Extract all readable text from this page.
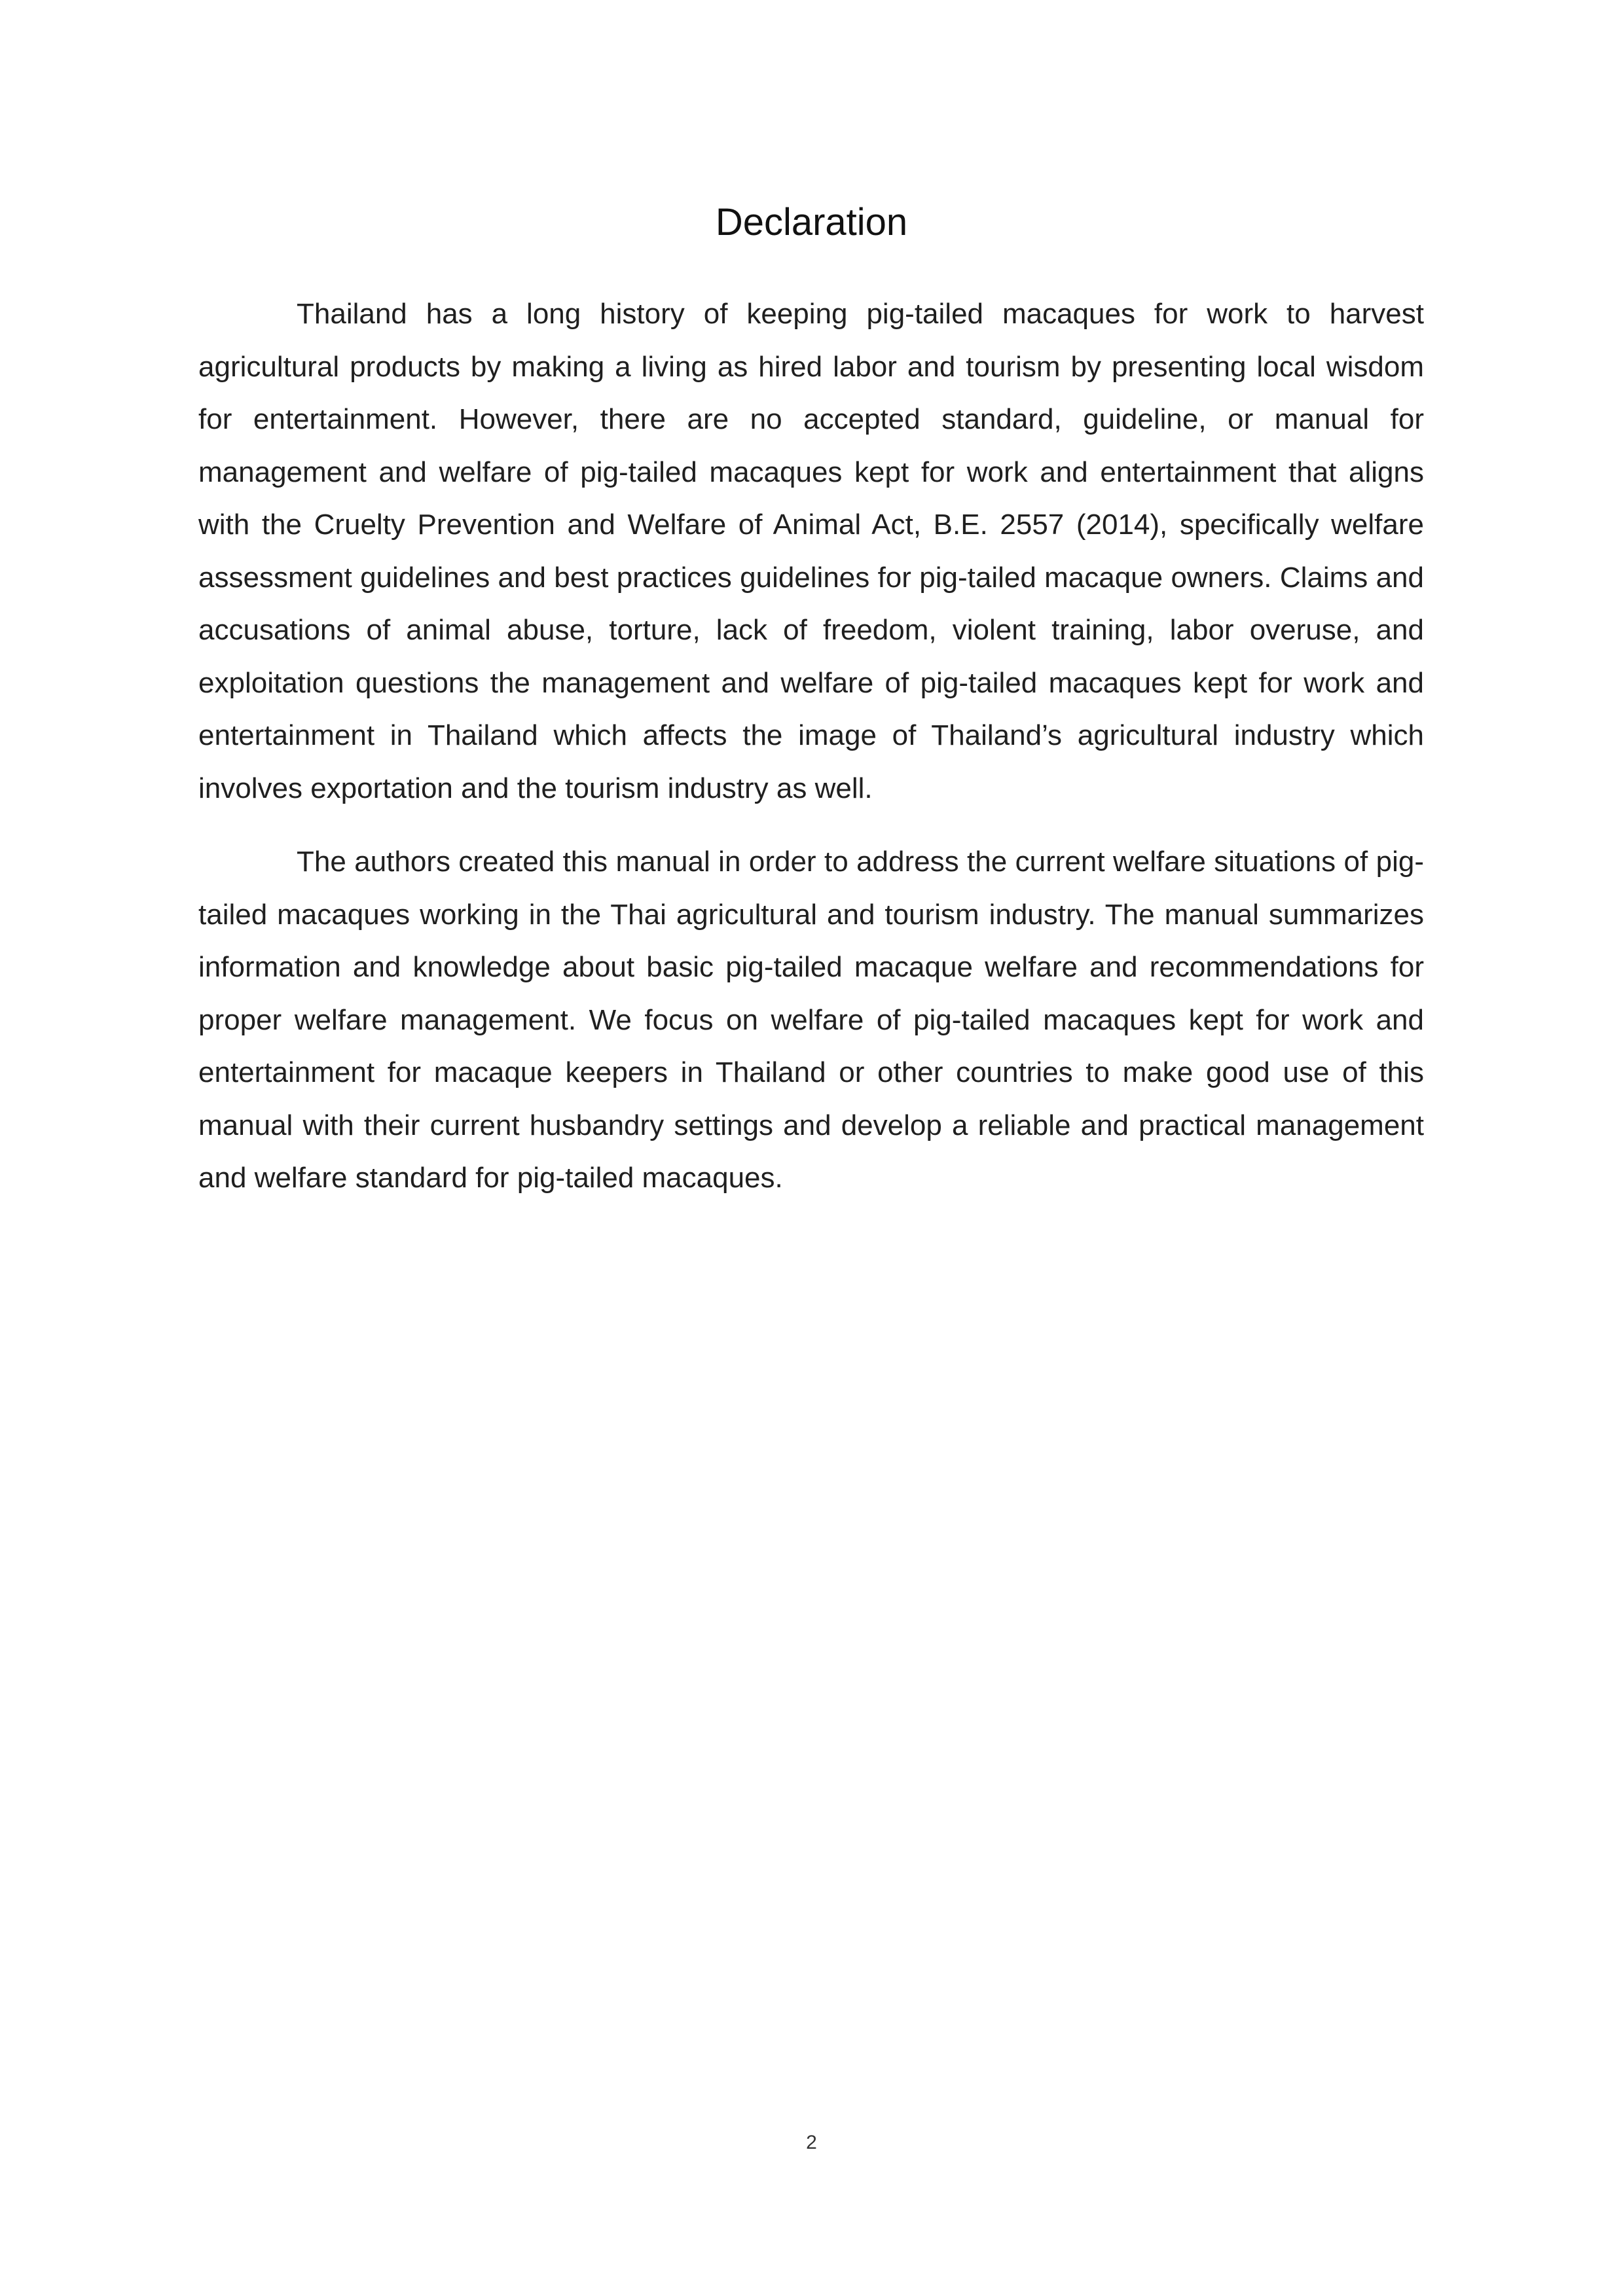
Declaration

Thailand has a long history of keeping pig-tailed macaques for work to harvest agricultural products by making a living as hired labor and tourism by presenting local wisdom for entertainment. However, there are no accepted standard, guideline, or manual for management and welfare of pig-tailed macaques kept for work and entertainment that aligns with the Cruelty Prevention and Welfare of Animal Act, B.E. 2557 (2014), specifically welfare assessment guidelines and best practices guidelines for pig-tailed macaque owners. Claims and accusations of animal abuse, torture, lack of freedom, violent training, labor overuse, and exploitation questions the management and welfare of pig-tailed macaques kept for work and entertainment in Thailand which affects the image of Thailand’s agricultural industry which involves exportation and the tourism industry as well.

The authors created this manual in order to address the current welfare situations of pig-tailed macaques working in the Thai agricultural and tourism industry. The manual summarizes information and knowledge about basic pig-tailed macaque welfare and recommendations for proper welfare management. We focus on welfare of pig-tailed macaques kept for work and entertainment for macaque keepers in Thailand or other countries to make good use of this manual with their current husbandry settings and develop a reliable and practical management and welfare standard for pig-tailed macaques.

2
